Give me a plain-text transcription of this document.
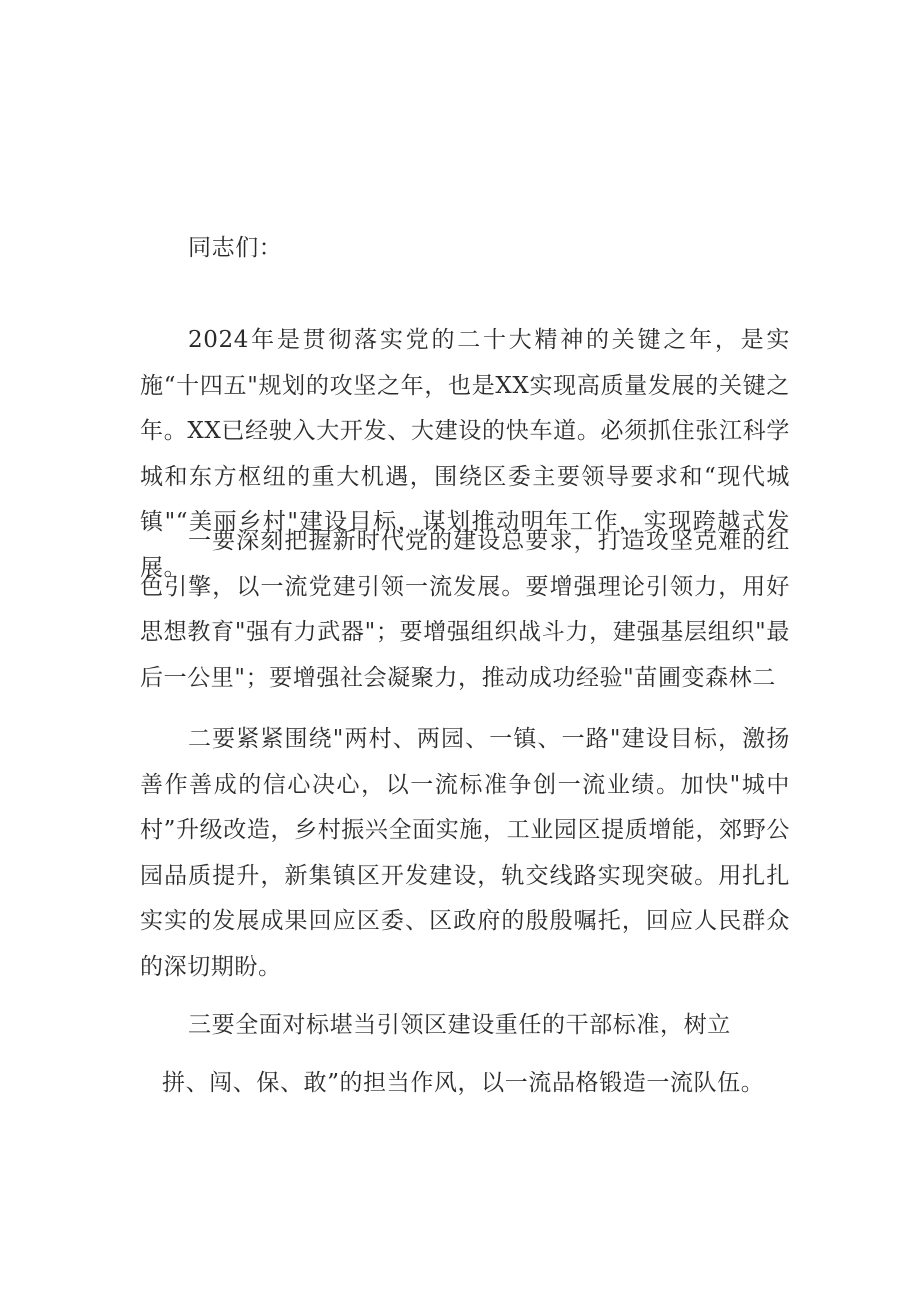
同志们：

2024年是贯彻落实党的二十大精神的关键之年，是实施“十四五"规划的攻坚之年，也是XX实现高质量发展的关键之年。XX已经驶入大开发、大建设的快车道。必须抓住张江科学城和东方枢纽的重大机遇，围绕区委主要领导要求和“现代城镇"“美丽乡村"建设目标，谋划推动明年工作，实现跨越式发展。

一要深刻把握新时代党的建设总要求，打造攻坚克难的红色引擎，以一流党建引领一流发展。要增强理论引领力，用好思想教育"强有力武器"；要增强组织战斗力，建强基层组织"最后一公里"；要增强社会凝聚力，推动成功经验"苗圃变森林二

二要紧紧围绕"两村、两园、一镇、一路"建设目标，激扬善作善成的信心决心，以一流标准争创一流业绩。加快"城中村”升级改造，乡村振兴全面实施，工业园区提质增能，郊野公园品质提升，新集镇区开发建设，轨交线路实现突破。用扎扎实实的发展成果回应区委、区政府的殷殷嘱托，回应人民群众的深切期盼。

三要全面对标堪当引领区建设重任的干部标准，树立

拼、闯、保、敢”的担当作风，以一流品格锻造一流队伍。
